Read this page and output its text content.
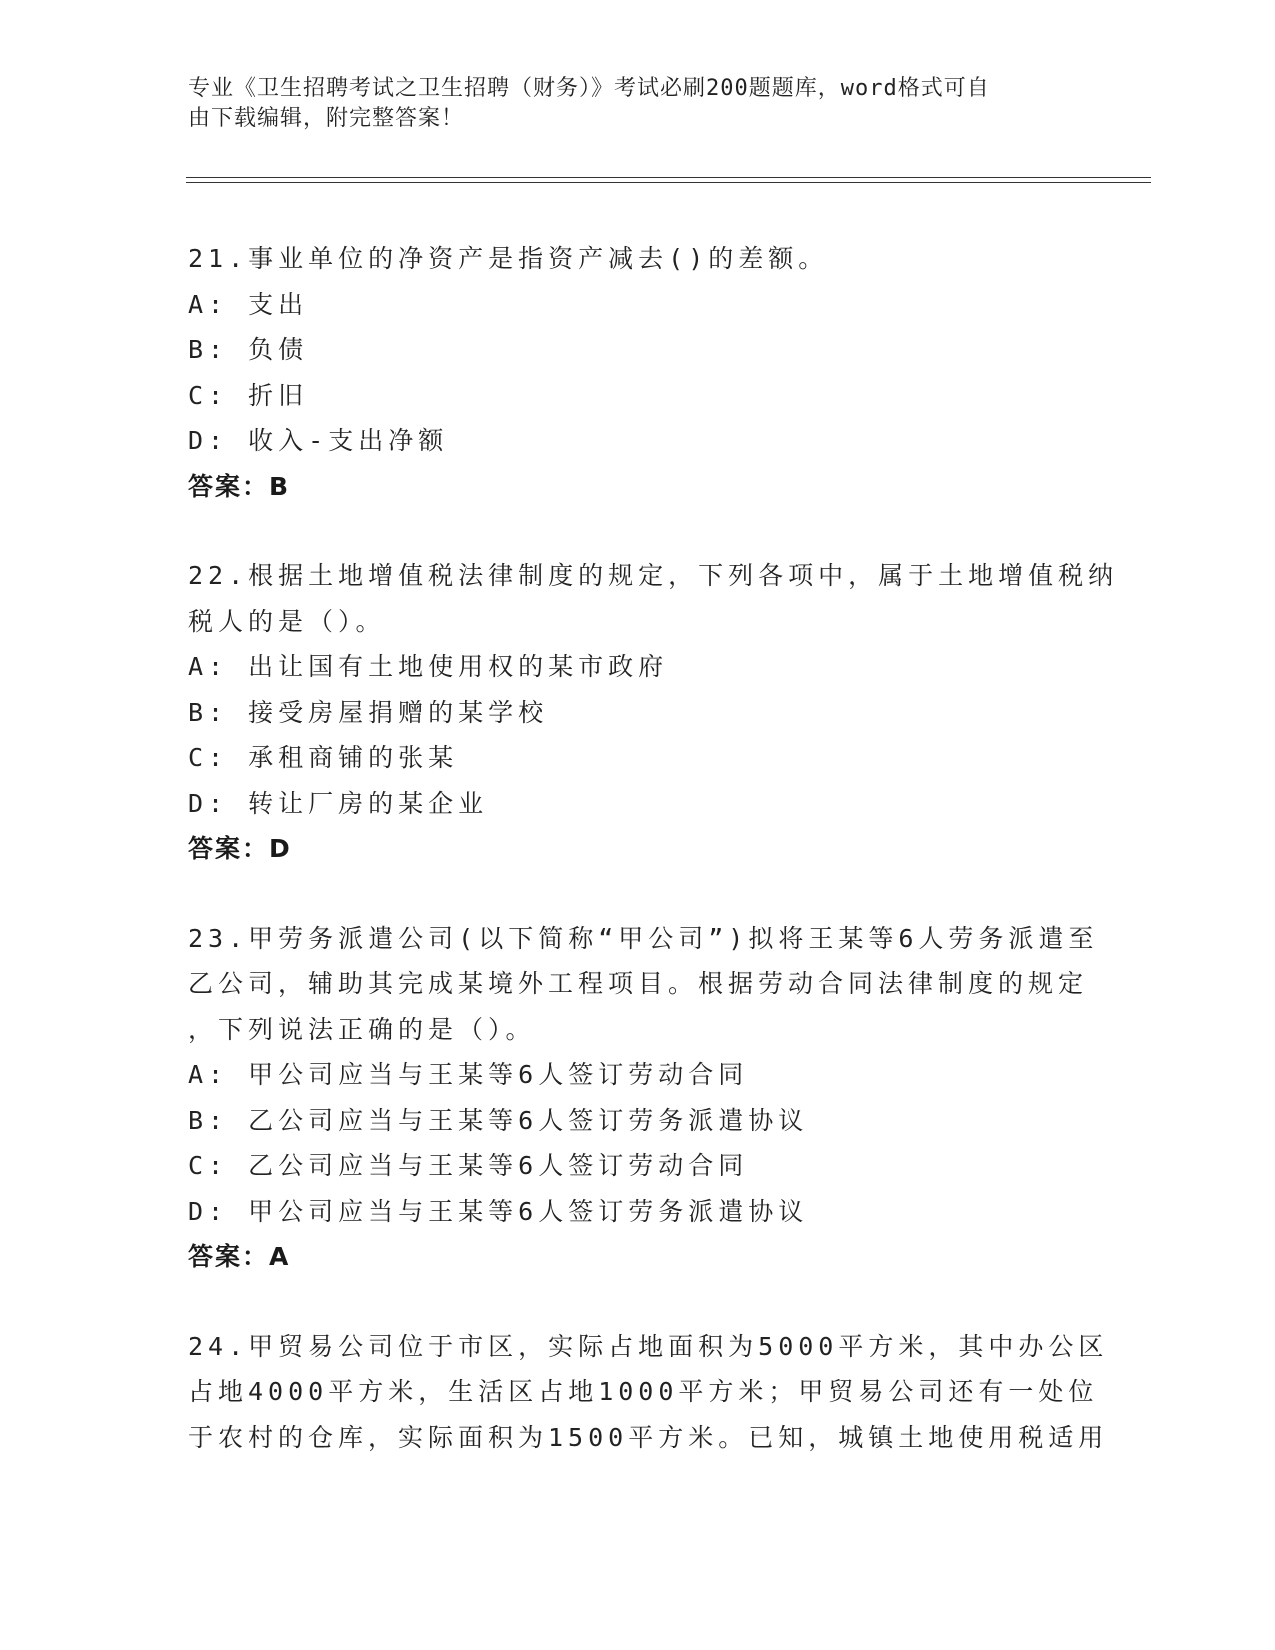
专业《卫生招聘考试之卫生招聘（财务）》考试必刷200题题库，word格式可自
由下载编辑，附完整答案！
21.事业单位的净资产是指资产减去()的差额。
A: 支出
B: 负债
C: 折旧
D: 收入-支出净额
答案：B
22.根据土地增值税法律制度的规定，下列各项中，属于土地增值税纳
税人的是（）。
A: 出让国有土地使用权的某市政府
B: 接受房屋捐赠的某学校
C: 承租商铺的张某
D: 转让厂房的某企业
答案：D
23.甲劳务派遣公司(以下简称“甲公司”)拟将王某等6人劳务派遣至
乙公司，辅助其完成某境外工程项目。根据劳动合同法律制度的规定
，下列说法正确的是（）。
A: 甲公司应当与王某等6人签订劳动合同
B: 乙公司应当与王某等6人签订劳务派遣协议
C: 乙公司应当与王某等6人签订劳动合同
D: 甲公司应当与王某等6人签订劳务派遣协议
答案：A
24.甲贸易公司位于市区，实际占地面积为5000平方米，其中办公区
占地4000平方米，生活区占地1000平方米；甲贸易公司还有一处位
于农村的仓库，实际面积为1500平方米。已知，城镇土地使用税适用
